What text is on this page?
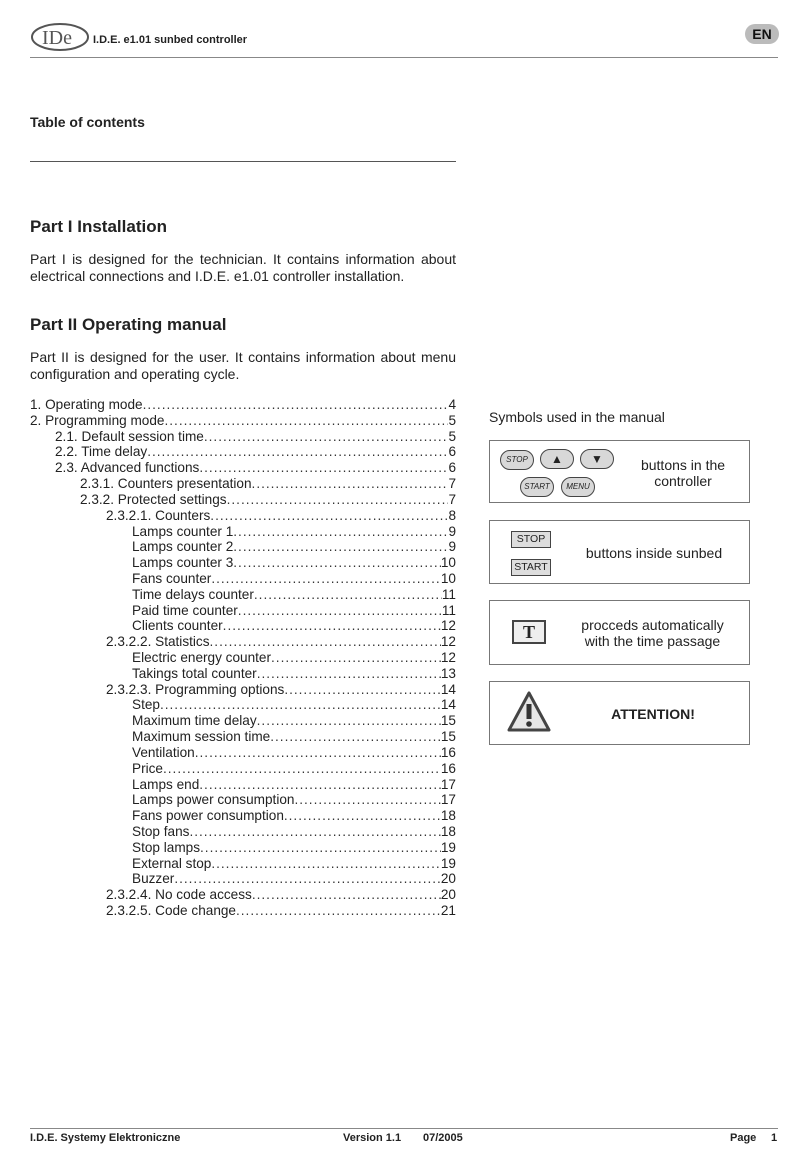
IDe I.D.E. e1.01 sunbed controller	EN
Table of contents
Part I Installation
Part I is designed for the technician. It contains information about electrical connections and I.D.E. e1.01 controller installation.
Part II Operating manual
Part II is designed for the user. It contains information about menu configuration and operating cycle.
1. Operating mode .....	4
2. Programming mode .....	5
2.1. Default session time .....	5
2.2. Time delay .....	6
2.3. Advanced functions .....	6
2.3.1. Counters presentation .....	7
2.3.2. Protected settings .....	7
2.3.2.1. Counters .....	8
Lamps counter 1 .....	9
Lamps counter 2 .....	9
Lamps counter 3 .....	10
Fans counter .....	10
Time delays counter .....	11
Paid time counter .....	11
Clients counter .....	12
2.3.2.2. Statistics .....	12
Electric energy counter .....	12
Takings total counter .....	13
2.3.2.3. Programming options .....	14
Step .....	14
Maximum time delay .....	15
Maximum session time .....	15
Ventilation .....	16
Price .....	16
Lamps end .....	17
Lamps power consumption .....	17
Fans power consumption .....	18
Stop fans .....	18
Stop lamps .....	19
External stop .....	19
Buzzer .....	20
2.3.2.4. No code access .....	20
2.3.2.5. Code change .....	21
Symbols used in the manual
STOP	▲	▼
START	MENU
buttons in the controller
STOP
START
buttons inside sunbed
T	procceds automatically with the time passage
ATTENTION!
I.D.E. Systemy Elektroniczne	Version 1.1 07/2005	Page 1
